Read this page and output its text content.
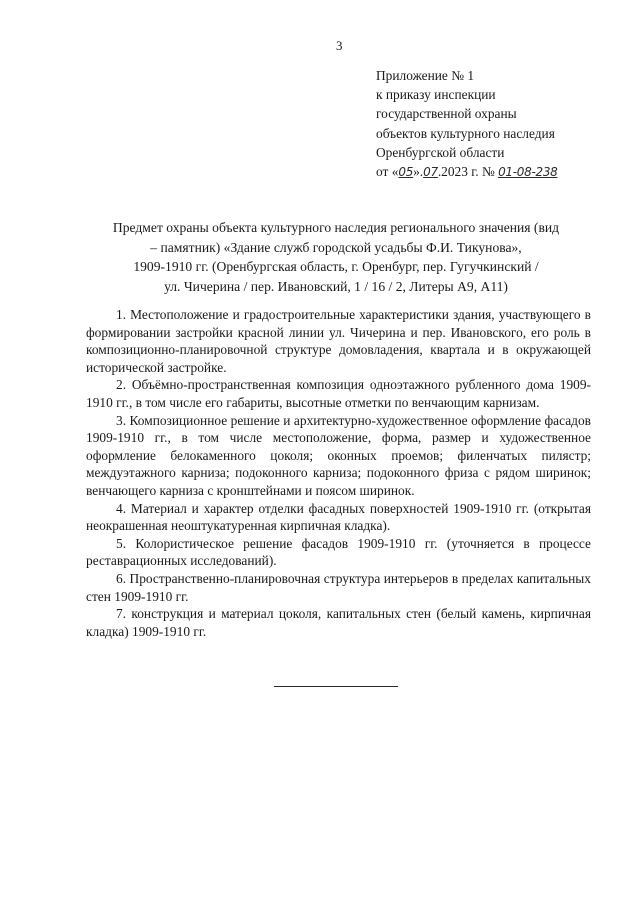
3
Приложение № 1
к приказу инспекции
государственной охраны
объектов культурного наследия
Оренбургской области
от «05».07.2023 г. № 01-08-238
Предмет охраны объекта культурного наследия регионального значения (вид
– памятник) «Здание служб городской усадьбы Ф.И. Тикунова»,
1909-1910 гг. (Оренбургская область, г. Оренбург, пер. Гугучкинский /
ул. Чичерина / пер. Ивановский, 1 / 16 / 2, Литеры А9, А11)

1. Местоположение и градостроительные характеристики здания, участвующего в формировании застройки красной линии ул. Чичерина и пер. Ивановского, его роль в композиционно-планировочной структуре домовладения, квартала и в окружающей исторической застройке.

2. Объёмно-пространственная композиция одноэтажного рубленного дома 1909-1910 гг., в том числе его габариты, высотные отметки по венчающим карнизам.

3. Композиционное решение и архитектурно-художественное оформление фасадов 1909-1910 гг., в том числе местоположение, форма, размер и художественное оформление белокаменного цоколя; оконных проемов; филенчатых пилястр; междуэтажного карниза; подоконного карниза; подоконного фриза с рядом ширинок; венчающего карниза с кронштейнами и поясом ширинок.

4. Материал и характер отделки фасадных поверхностей 1909-1910 гг. (открытая неокрашенная неоштукатуренная кирпичная кладка).

5. Колористическое решение фасадов 1909-1910 гг. (уточняется в процессе реставрационных исследований).

6. Пространственно-планировочная структура интерьеров в пределах капитальных стен 1909-1910 гг.

7. конструкция и материал цоколя, капитальных стен (белый камень, кирпичная кладка) 1909-1910 гг.
